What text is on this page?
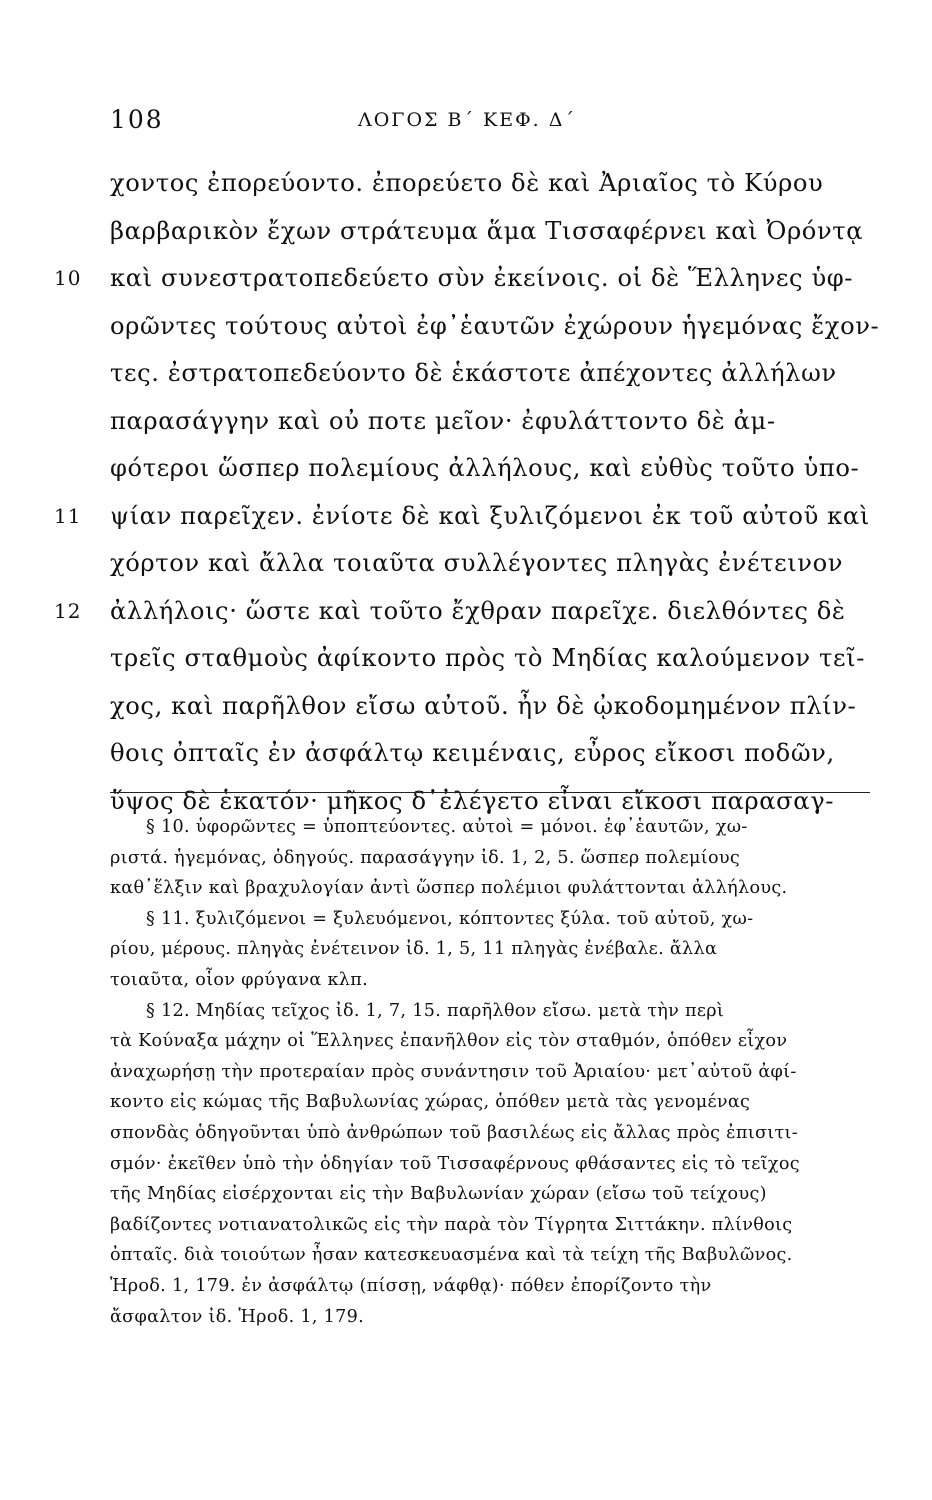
108	ΛΟΓΟΣ Β΄ ΚΕΦ. Δ΄
χοντος ἐπορεύοντο. ἐπορεύετο δὲ καὶ Ἀριαῖος τὸ Κύρου
βαρβαρικὸν ἔχων στράτευμα ἅμα Τισσαφέρνει καὶ Ὀρόντᾳ
10 καὶ συνεστρατοπεδεύετο σὺν ἐκείνοις. οἱ δὲ Ἕλληνες ὑφ-
ορῶντες τούτους αὐτοὶ ἐφ᾽ἑαυτῶν ἐχώρουν ἡγεμόνας ἔχον-
τες. ἐστρατοπεδεύοντο δὲ ἑκάστοτε ἀπέχοντες ἀλλήλων
παρασάγγην καὶ οὐ ποτε μεῖον· ἐφυλάττοντο δὲ ἀμ-
φότεροι ὥσπερ πολεμίους ἀλλήλους, καὶ εὐθὺς τοῦτο ὑπο-
11 ψίαν παρεῖχεν. ἐνίοτε δὲ καὶ ξυλιζόμενοι ἐκ τοῦ αὐτοῦ καὶ
χόρτον καὶ ἄλλα τοιαῦτα συλλέγοντες πληγὰς ἐνέτεινον
12 ἀλλήλοις· ὥστε καὶ τοῦτο ἔχθραν παρεῖχε. διελθόντες δὲ
τρεῖς σταθμοὺς ἀφίκοντο πρὸς τὸ Μηδίας καλούμενον τεῖ-
χος, καὶ παρῆλθον εἴσω αὐτοῦ. ἦν δὲ ᾠκοδομημένον πλίν-
θοις ὀπταῖς ἐν ἀσφάλτῳ κειμέναις, εὖρος εἴκοσι ποδῶν,
ὕψος δὲ ἑκατόν· μῆκος δ᾽ἐλέγετο εἶναι εἴκοσι παρασαγ-
§ 10. ὑφορῶντες = ὑποπτεύοντες. αὐτοὶ = μόνοι. ἐφ᾽ἑαυτῶν, χω-
ριστά. ἡγεμόνας, ὁδηγούς. παρασάγγην ἰδ. 1, 2, 5. ὥσπερ πολεμίους
καθ᾽ἕλξιν καὶ βραχυλογίαν ἀντὶ ὥσπερ πολέμιοι φυλάττονται ἀλλήλους.
§ 11. ξυλιζόμενοι = ξυλευόμενοι, κόπτοντες ξύλα. τοῦ αὐτοῦ, χω-
ρίου, μέρους. πληγὰς ἐνέτεινον ἰδ. 1, 5, 11 πληγὰς ἐνέβαλε. ἄλλα
τοιαῦτα, οἷον φρύγανα κλπ.
§ 12. Μηδίας τεῖχος ἰδ. 1, 7, 15. παρῆλθον εἴσω. μετὰ τὴν περὶ
τὰ Κούναξα μάχην οἱ Ἕλληνες ἐπανῆλθον εἰς τὸν σταθμόν, ὁπόθεν εἶχον
ἀναχωρήσῃ τὴν προτεραίαν πρὸς συνάντησιν τοῦ Ἀριαίου· μετ᾽αὐτοῦ ἀφί-
κοντο εἰς κώμας τῆς Βαβυλωνίας χώρας, ὁπόθεν μετὰ τὰς γενομένας
σπονδὰς ὁδηγοῦνται ὑπὸ ἀνθρώπων τοῦ βασιλέως εἰς ἄλλας πρὸς ἐπισιτι-
σμόν· ἐκεῖθεν ὑπὸ τὴν ὁδηγίαν τοῦ Τισσαφέρνους φθάσαντες εἰς τὸ τεῖχος
τῆς Μηδίας εἰσέρχονται εἰς τὴν Βαβυλωνίαν χώραν (εἴσω τοῦ τείχους)
βαδίζοντες νοτιανατολικῶς εἰς τὴν παρὰ τὸν Τίγρητα Σιττάκην. πλίνθοις
ὀπταῖς. διὰ τοιούτων ἦσαν κατεσκευασμένα καὶ τὰ τείχη τῆς Βαβυλῶνος.
Ἡροδ. 1, 179. ἐν ἀσφάλτῳ (πίσσῃ, νάφθᾳ)· πόθεν ἐπορίζοντο τὴν
ἄσφαλτον ἰδ. Ἡροδ. 1, 179.
